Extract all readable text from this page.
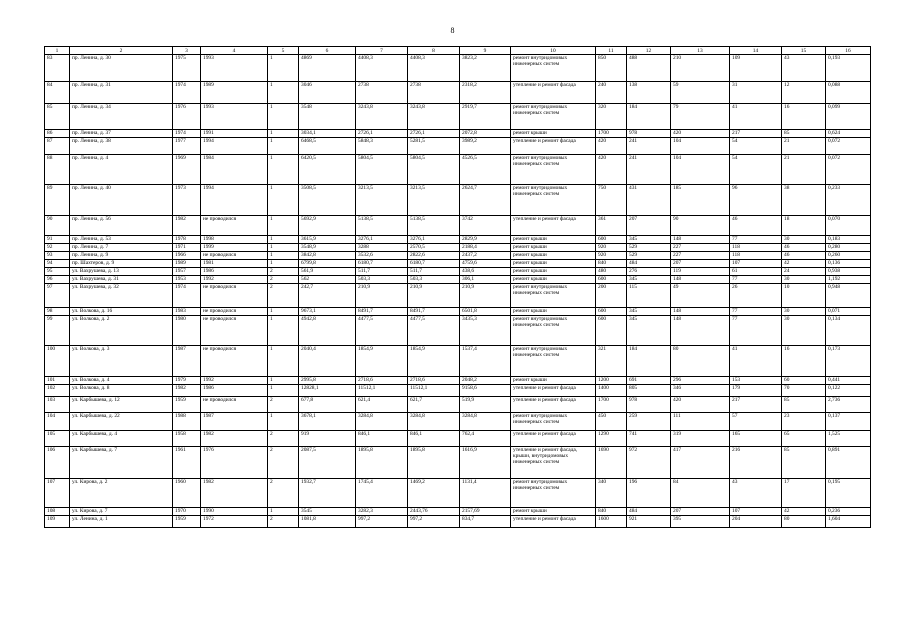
8
1	2	3	4	5	6	7	8	9	10	11	12	13	14	15	16
83	пр. Ленина, д. 30	1975	1993	1	4869	4408,3	4408,3	3823,2	ремонт внутридомовых инженерных систем	850	488	210	109	43	0,193
84	пр. Ленина, д. 31	1974	1989	1	3046	2738	2738	2318,2	утепление и ремонт фасада	240	138	59	31	12	0,088
85	пр. Ленина, д. 34	1976	1993	1	3548	3243,8	3243,8	2919,7	ремонт внутридомовых инженерных систем	320	184	79	41	16	0,099
86	пр. Ленина, д. 37	1974	1991	1	3034,1	2726,1	2726,1	2072,8	ремонт крыши	1700	978	420	217	85	0,624
87	пр. Ленина, д. 38	1977	1994	1	6468,5	5848,3	5281,5	3989,2	утепление и ремонт фасада	420	241	104	54	21	0,072
88	пр. Ленина, д. 4	1969	1984	1	6420,5	5804,5	5804,5	4526,5	ремонт внутридомовых инженерных систем	420	241	104	54	21	0,072
89	пр. Ленина, д. 40	1973	1994	1	3508,5	3213,5	3213,5	2624,7	ремонт внутридомовых инженерных систем	750	431	185	96	38	0,233
90	пр. Ленина, д. 56	1982	не проводился	1	5692,9	5138,5	5138,5	3742	утепление и ремонт фасада	361	207	90	46	18	0,070
91	пр. Ленина, д. 53	1978	1998	1	3615,9	3276,1	3276,1	2829,9	ремонт крыши	600	345	148	77	30	0,183
92	пр. Ленина, д. 7	1971	1999	1	3548,9	3288	2570,5	2188,4	ремонт крыши	920	529	227	118	46	0,280
93	пр. Ленина, д. 9	1966	не проводился	1	3842,8	3532,6	2822,6	2437,2	ремонт крыши	920	529	227	118	46	0,260
94	пр. Шахтеров, д. 9	1989	1981	1	6799,8	6180,7	6180,7	4759,6	ремонт крыши	840	484	207	107	42	0,136
95	ул. Вахрушева, д. 13	1957	1986	2	561,9	511,7	511,7	438,6	ремонт крыши	480	276	119	61	24	0,938
96	ул. Вахрушева, д. 31	1953	1992	2	562	503,3	503,3	306,1	ремонт крыши	600	345	148	77	30	1,192
97	ул. Вахрушева, д. 32	1974	не проводился	2	242,7	210,9	210,9	210,9	ремонт внутридомовых инженерных систем	200	115	49	26	10	0,948
98	ул. Волкова, д. 16	1983	не проводился	1	9673,1	8491,7	8491,7	6501,8	ремонт крыши	600	345	148	77	30	0,071
99	ул. Волкова, д. 2	1980	не проводился	1	4942,8	4477,5	4477,5	3435,3	ремонт внутридомовых инженерных систем	600	345	148	77	30	0,134
100	ул. Волкова, д. 3	1987	не проводился	1	2040,4	1854,9	1854,9	1537,4	ремонт внутридомовых инженерных систем	321	184	80	41	16	0,173
101	ул. Волкова, д. 4	1979	1992	1	2995,8	2718,6	2718,6	2048,2	ремонт крыши	1200	691	296	153	60	0,441
102	ул. Волкова, д. 8	1982	1986	1	12828,1	11512,1	11512,1	9158,6	утепление и ремонт фасада	1400	805	346	179	70	0,122
103	ул. Карбышева, д. 12	1959	не проводился	2	677,8	621,4	621,7	519,9	утепление и ремонт фасада	1700	978	420	217	85	2,736
104	ул. Карбышева, д. 22	1988	1987	1	3678,1	3284,8	3284,8	3284,8	ремонт внутридомовых инженерных систем	450	259	111	57	23	0,137
105	ул. Карбышева, д. 4	1958	1982	2	919	846,1	846,1	762,4	утепление и ремонт фасада	1290	741	319	165	65	1,525
106	ул. Карбышева, д. 7	1961	1976	2	2087,5	1895,8	1895,8	1616,9	утепление и ремонт фасада, крыши, внутридомовых инженерных систем	1690	972	417	216	85	0,891
107	ул. Кирова, д. 2	1960	1982	2	1932,7	1745,4	1469,2	1131,4	ремонт внутридомовых инженерных систем	340	196	84	43	17	0,195
108	ул. Кирова, д. 7	1970	1990	1	3545	3282,3	2443,76	2157,69	ремонт крыши	840	484	207	107	42	0,236
109	ул. Ленина, д. 1	1959	1972	2	1081,8	997,2	997,2	834,7	утепление и ремонт фасада	1600	921	395	204	80	1,604
